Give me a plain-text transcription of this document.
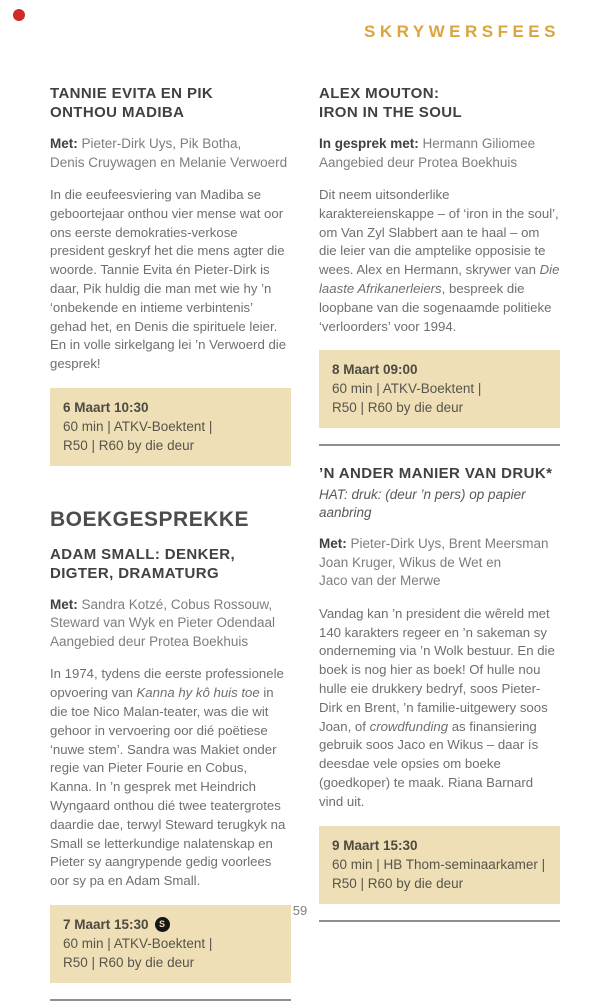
SKRYWERSFEES
TANNIE EVITA EN PIK
ONTHOU MADIBA

Met: Pieter-Dirk Uys, Pik Botha,
Denis Cruywagen en Melanie Verwoerd

In die eeufeesviering van Madiba se geboortejaar onthou vier mense wat oor ons eerste demokraties-verkose president geskryf het die mens agter die woorde. Tannie Evita én Pieter-Dirk is daar, Pik huldig die man met wie hy ’n ‘onbekende en intieme verbintenis’ gehad het, en Denis die spirituele leier. En in volle sirkelgang lei ’n Verwoerd die gesprek!

6 Maart 10:30
60 min | ATKV-Boektent |
R50 | R60 by die deur
BOEKGESPREKKE
ADAM SMALL: DENKER,
DIGTER, DRAMATURG

Met: Sandra Kotzé, Cobus Rossouw,
Steward van Wyk en Pieter Odendaal
Aangebied deur Protea Boekhuis

In 1974, tydens die eerste professionele opvoering van Kanna hy kô huis toe in die toe Nico Malan-teater, was die wit gehoor in vervoering oor dié poëtiese ‘nuwe stem’. Sandra was Makiet onder regie van Pieter Fourie en Cobus, Kanna. In ’n gesprek met Heindrich Wyngaard onthou dié twee teatergrotes daardie dae, terwyl Steward terugkyk na Small se letterkundige nalatenskap en Pieter sy aangrypende gedig voorlees oor sy pa en Adam Small.

7 Maart 15:30 S
60 min | ATKV-Boektent |
R50 | R60 by die deur
ALEX MOUTON:
IRON IN THE SOUL

In gesprek met: Hermann Giliomee
Aangebied deur Protea Boekhuis

Dit neem uitsonderlike karaktereienskappe – of ‘iron in the soul’, om Van Zyl Slabbert aan te haal – om die leier van die amptelike opposisie te wees. Alex en Hermann, skrywer van Die laaste Afrikanerleiers, bespreek die loopbane van die sogenaamde politieke ‘verloorders’ voor 1994.

8 Maart 09:00
60 min | ATKV-Boektent |
R50 | R60 by die deur
’N ANDER MANIER VAN DRUK*
HAT: druk: (deur ’n pers) op papier aanbring

Met: Pieter-Dirk Uys, Brent Meersman
Joan Kruger, Wikus de Wet en
Jaco van der Merwe

Vandag kan ’n president die wêreld met 140 karakters regeer en ’n sakeman sy onderneming via ’n Wolk bestuur. En die boek is nog hier as boek! Of hulle nou hulle eie drukkery bedryf, soos Pieter-Dirk en Brent, ’n familie-uitgewery soos Joan, of crowdfunding as finansiering gebruik soos Jaco en Wikus – daar ís deesdae vele opsies om boeke (goedkoper) te maak. Riana Barnard vind uit.

9 Maart 15:30
60 min | HB Thom-seminaarkamer |
R50 | R60 by die deur
59
